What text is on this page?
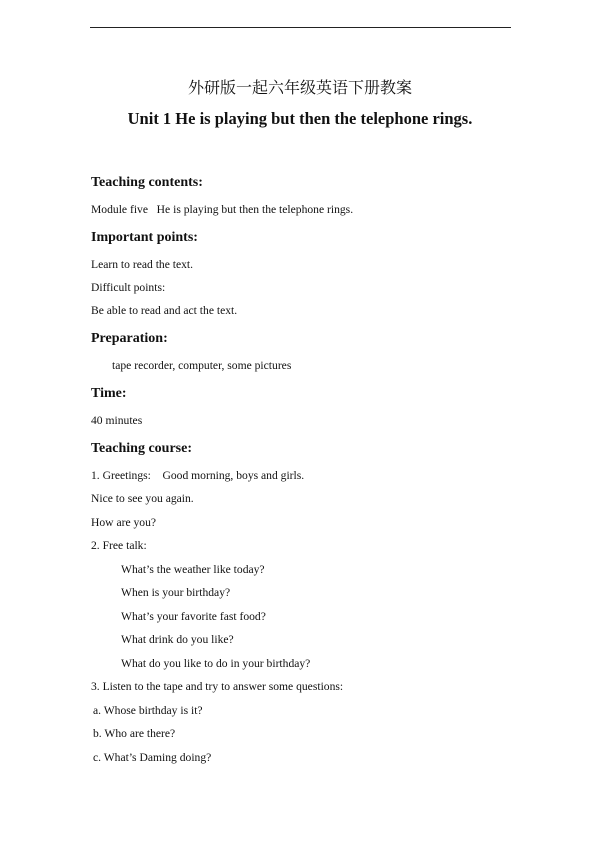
外研版一起六年级英语下册教案
Unit 1 He is playing but then the telephone rings.
Teaching contents:
Module five   He is playing but then the telephone rings.
Important points:
Learn to read the text.
Difficult points:
Be able to read and act the text.
Preparation:
tape recorder, computer, some pictures
Time:
40 minutes
Teaching course:
1. Greetings:    Good morning, boys and girls.
Nice to see you again.
How are you?
2. Free talk:
What’s the weather like today?
When is your birthday?
What’s your favorite fast food?
What drink do you like?
What do you like to do in your birthday?
3. Listen to the tape and try to answer some questions:
a. Whose birthday is it?
b. Who are there?
c. What’s Daming doing?
